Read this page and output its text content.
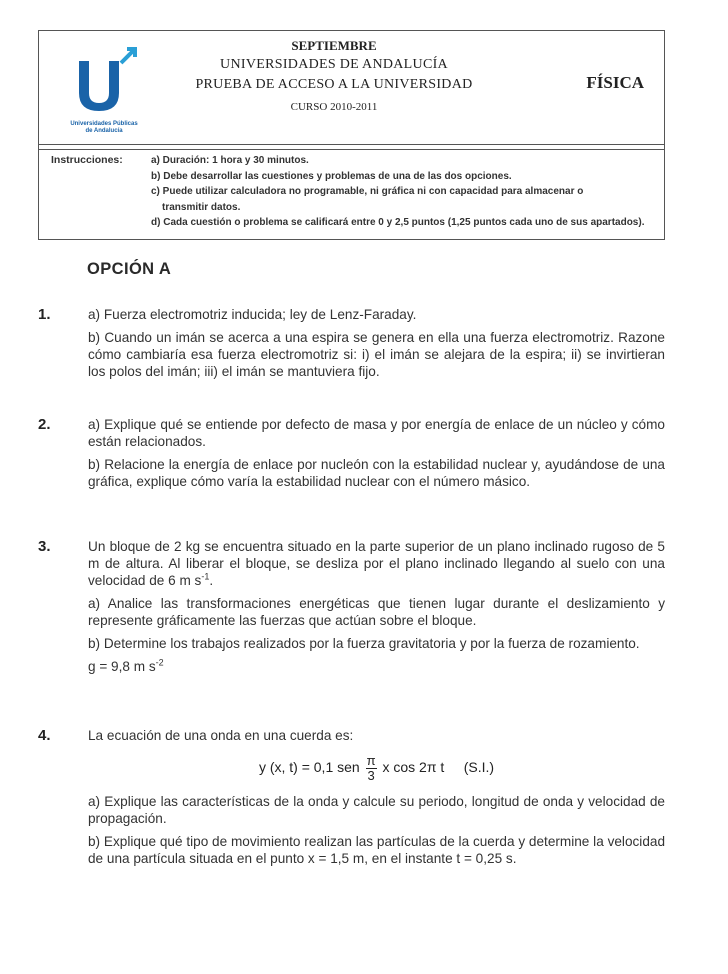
Universidades Públicas
de Andalucía
SEPTIEMBRE
UNIVERSIDADES DE ANDALUCÍA
PRUEBA DE ACCESO A LA UNIVERSIDAD
CURSO 2010-2011
FÍSICA
Instrucciones:	a) Duración: 1 hora y 30 minutos.
b) Debe desarrollar las cuestiones y problemas de una de las dos opciones.
c) Puede utilizar calculadora no programable, ni gráfica ni con capacidad para almacenar o
transmitir datos.
d) Cada cuestión o problema se calificará entre 0 y 2,5 puntos (1,25 puntos cada uno de sus apartados).
OPCIÓN A
1.	a) Fuerza electromotriz inducida; ley de Lenz-Faraday.

b) Cuando un imán se acerca a una espira se genera en ella una fuerza electromotriz. Razone cómo cambiaría esa fuerza electromotriz si: i) el imán se alejara de la espira; ii) se invirtieran los polos del imán; iii) el imán se mantuviera fijo.

2.	a) Explique qué se entiende por defecto de masa y por energía de enlace de un núcleo y cómo están relacionados.

b) Relacione la energía de enlace por nucleón con la estabilidad nuclear y, ayudándose de una gráfica, explique cómo varía la estabilidad nuclear con el número másico.

3.	Un bloque de 2 kg se encuentra situado en la parte superior de un plano inclinado rugoso de 5 m de altura. Al liberar el bloque, se desliza por el plano inclinado llegando al suelo con una velocidad de 6 m $s^{-1}$.

a) Analice las transformaciones energéticas que tienen lugar durante el deslizamiento y represente gráficamente las fuerzas que actúan sobre el bloque.

b) Determine los trabajos realizados por la fuerza gravitatoria y por la fuerza de rozamiento.

g = 9,8 m $s^{-2}$

4.	La ecuación de una onda en una cuerda es:

y (x, t) = 0,1 sen $\frac{\pi}{3}$ x cos 2π t (S.I.)

a) Explique las características de la onda y calcule su periodo, longitud de onda y velocidad de propagación.

b) Explique qué tipo de movimiento realizan las partículas de la cuerda y determine la velocidad de una partícula situada en el punto x = 1,5 m, en el instante t = 0,25 s.
